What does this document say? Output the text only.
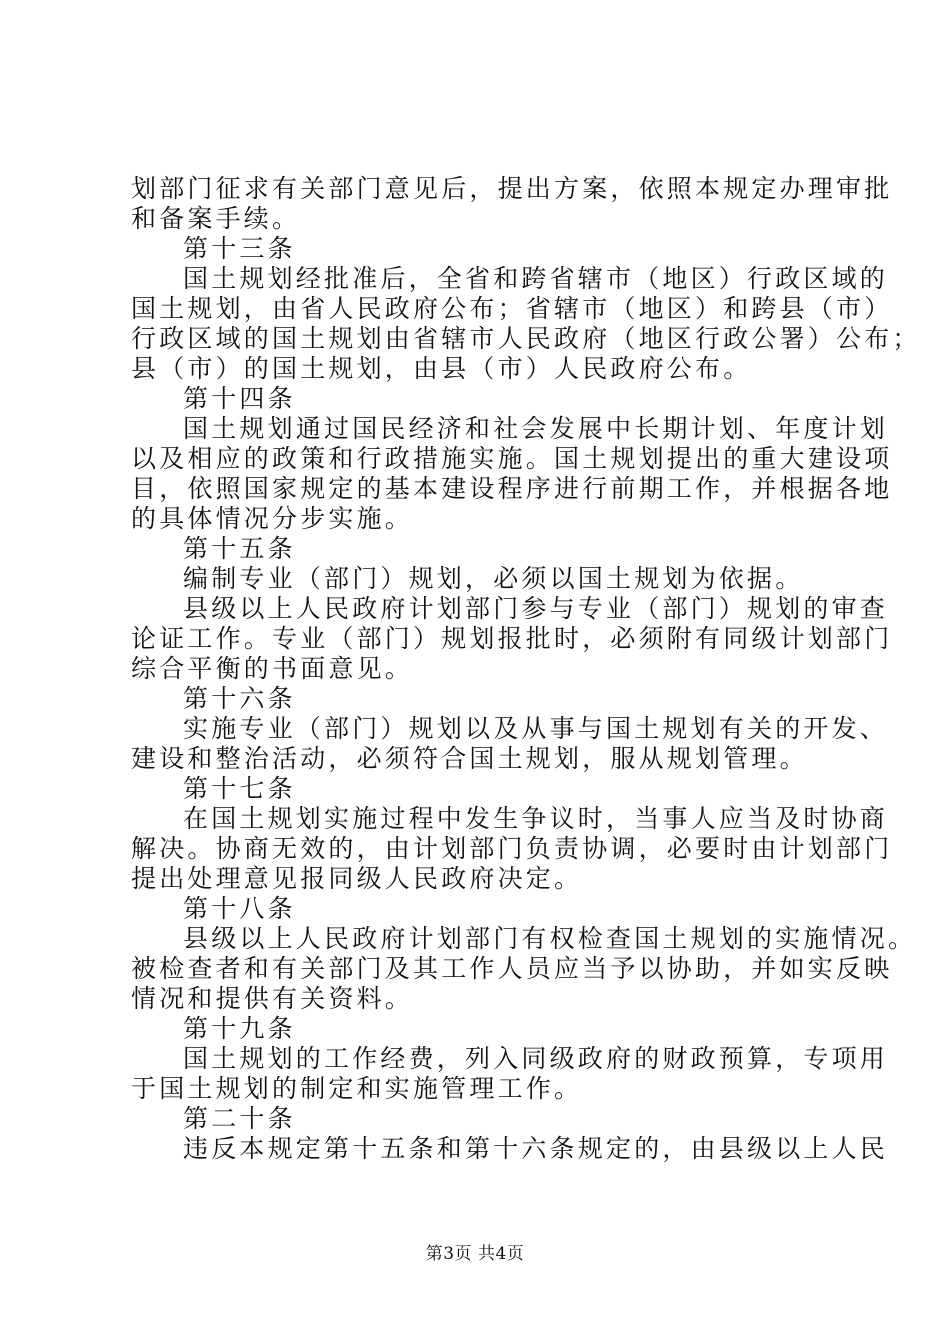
划部门征求有关部门意见后，提出方案，依照本规定办理审批
和备案手续。
第十三条
国土规划经批准后，全省和跨省辖市（地区）行政区域的
国土规划，由省人民政府公布；省辖市（地区）和跨县（市）
行政区域的国土规划由省辖市人民政府（地区行政公署）公布；
县（市）的国土规划，由县（市）人民政府公布。
第十四条
国土规划通过国民经济和社会发展中长期计划、年度计划
以及相应的政策和行政措施实施。国土规划提出的重大建设项
目，依照国家规定的基本建设程序进行前期工作，并根据各地
的具体情况分步实施。
第十五条
编制专业（部门）规划，必须以国土规划为依据。
县级以上人民政府计划部门参与专业（部门）规划的审查
论证工作。专业（部门）规划报批时，必须附有同级计划部门
综合平衡的书面意见。
第十六条
实施专业（部门）规划以及从事与国土规划有关的开发、
建设和整治活动，必须符合国土规划，服从规划管理。
第十七条
在国土规划实施过程中发生争议时，当事人应当及时协商
解决。协商无效的，由计划部门负责协调，必要时由计划部门
提出处理意见报同级人民政府决定。
第十八条
县级以上人民政府计划部门有权检查国土规划的实施情况。
被检查者和有关部门及其工作人员应当予以协助，并如实反映
情况和提供有关资料。
第十九条
国土规划的工作经费，列入同级政府的财政预算，专项用
于国土规划的制定和实施管理工作。
第二十条
违反本规定第十五条和第十六条规定的，由县级以上人民
第3页 共4页
